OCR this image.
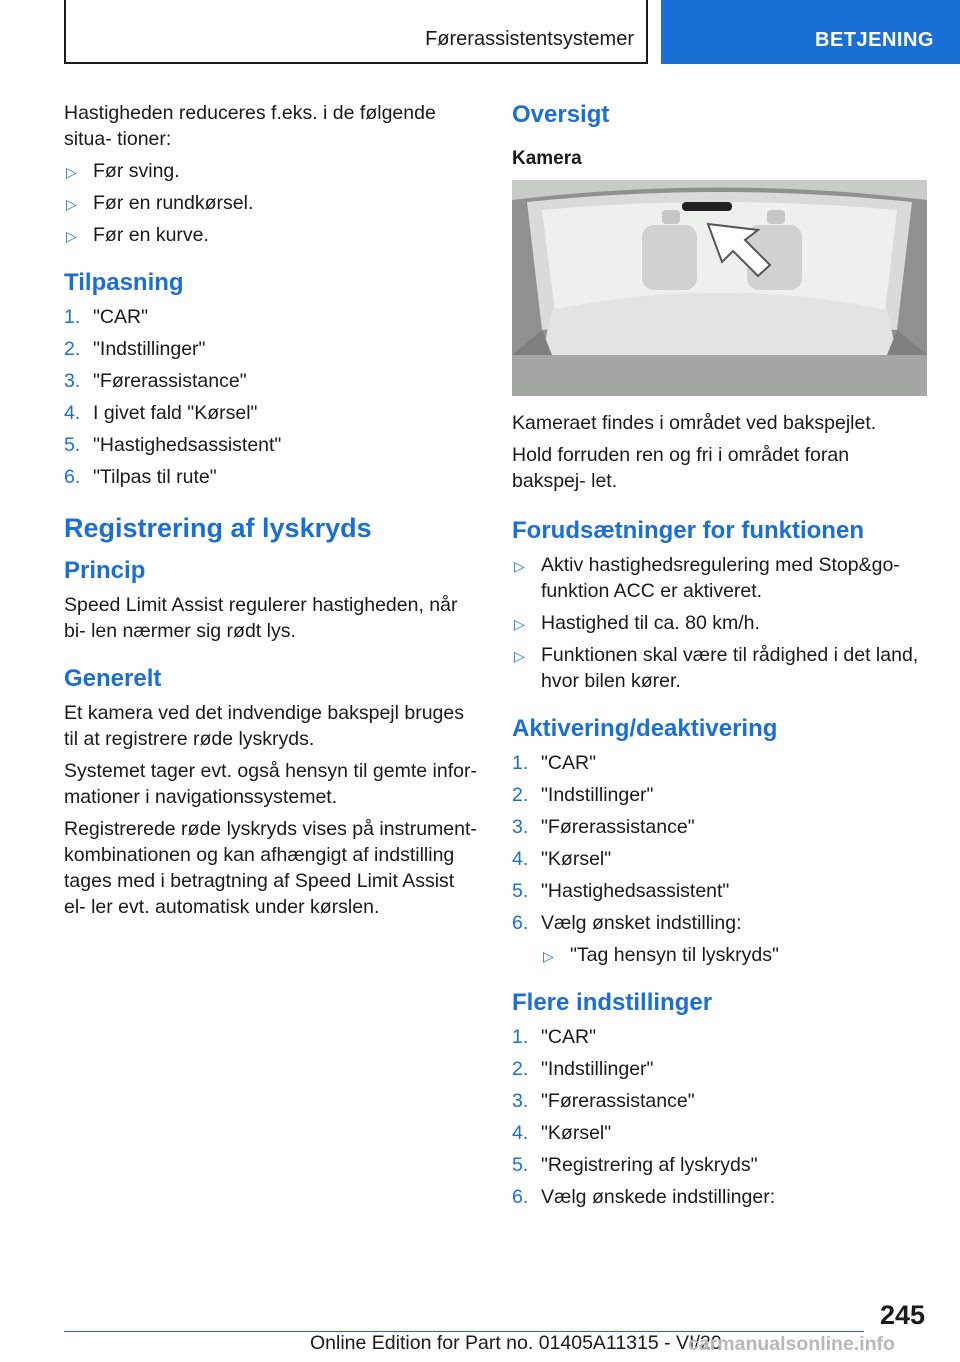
Førerassistentsystemer	BETJENING

Hastigheden reduceres f.eks. i de følgende situa- tioner:

▷ Før sving.
▷ Før en rundkørsel.
▷ Før en kurve.
Tilpasning
1. "CAR"
2. "Indstillinger"
3. "Førerassistance"
4. I givet fald "Kørsel"
5. "Hastighedsassistent"
6. "Tilpas til rute"
Registrering af lyskryds
Princip

Speed Limit Assist regulerer hastigheden, når bi- len nærmer sig rødt lys.

Generelt

Et kamera ved det indvendige bakspejl bruges til at registrere røde lyskryds.

Systemet tager evt. også hensyn til gemte infor- mationer i navigationssystemet.

Registrerede røde lyskryds vises på instrument- kombinationen og kan afhængigt af indstilling tages med i betragtning af Speed Limit Assist el- ler evt. automatisk under kørslen.

Oversigt
Kamera

Kameraet findes i området ved bakspejlet.

Hold forruden ren og fri i området foran bakspej- let.

Forudsætninger for funktionen
▷ Aktiv hastighedsregulering med Stop&go- funktion ACC er aktiveret.
▷ Hastighed til ca. 80 km/h.
▷ Funktionen skal være til rådighed i det land, hvor bilen kører.
Aktivering/deaktivering
1. "CAR"
2. "Indstillinger"
3. "Førerassistance"
4. "Kørsel"
5. "Hastighedsassistent"
6. Vælg ønsket indstilling:
▷ "Tag hensyn til lyskryds"
Flere indstillinger
1. "CAR"
2. "Indstillinger"
3. "Førerassistance"
4. "Kørsel"
5. "Registrering af lyskryds"
6. Vælg ønskede indstillinger:
245
Online Edition for Part no. 01405A11315 - VI/20
carmanualsonline.info
